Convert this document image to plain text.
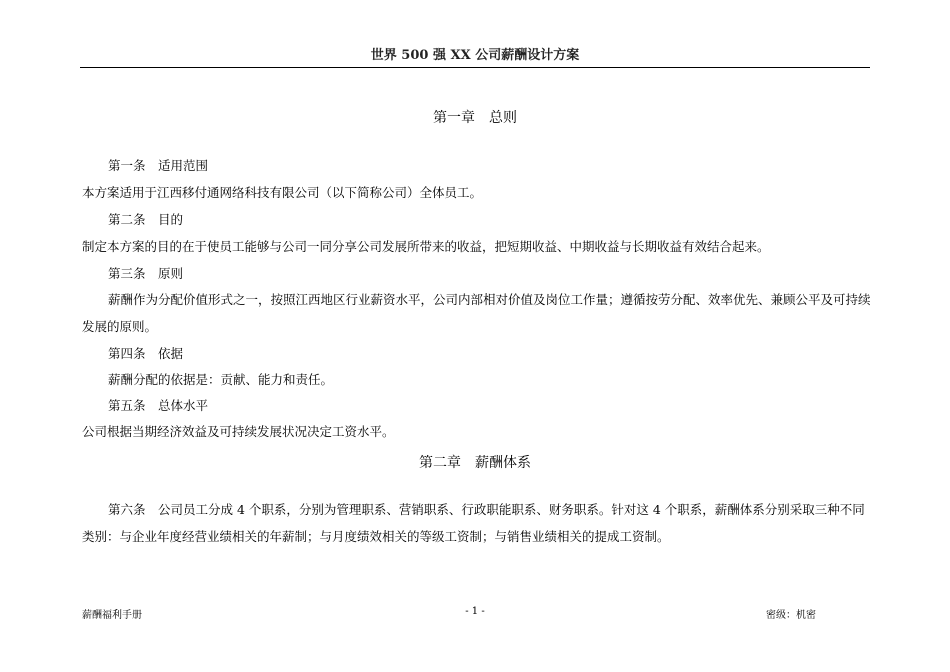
世界 500 强 XX 公司薪酬设计方案
第一章　总则

第一条　适用范围

本方案适用于江西移付通网络科技有限公司（以下简称公司）全体员工。

第二条　目的

制定本方案的目的在于使员工能够与公司一同分享公司发展所带来的收益，把短期收益、中期收益与长期收益有效结合起来。

第三条　原则

薪酬作为分配价值形式之一，按照江西地区行业薪资水平，公司内部相对价值及岗位工作量；遵循按劳分配、效率优先、兼顾公平及可持续发展的原则。

第四条　依据

薪酬分配的依据是：贡献、能力和责任。

第五条　总体水平

公司根据当期经济效益及可持续发展状况决定工资水平。

第二章　薪酬体系

第六条　公司员工分成 4 个职系，分别为管理职系、营销职系、行政职能职系、财务职系。针对这 4 个职系，薪酬体系分别采取三种不同类别：与企业年度经营业绩相关的年薪制；与月度绩效相关的等级工资制；与销售业绩相关的提成工资制。

薪酬福利手册	- 1 -	密级：机密
